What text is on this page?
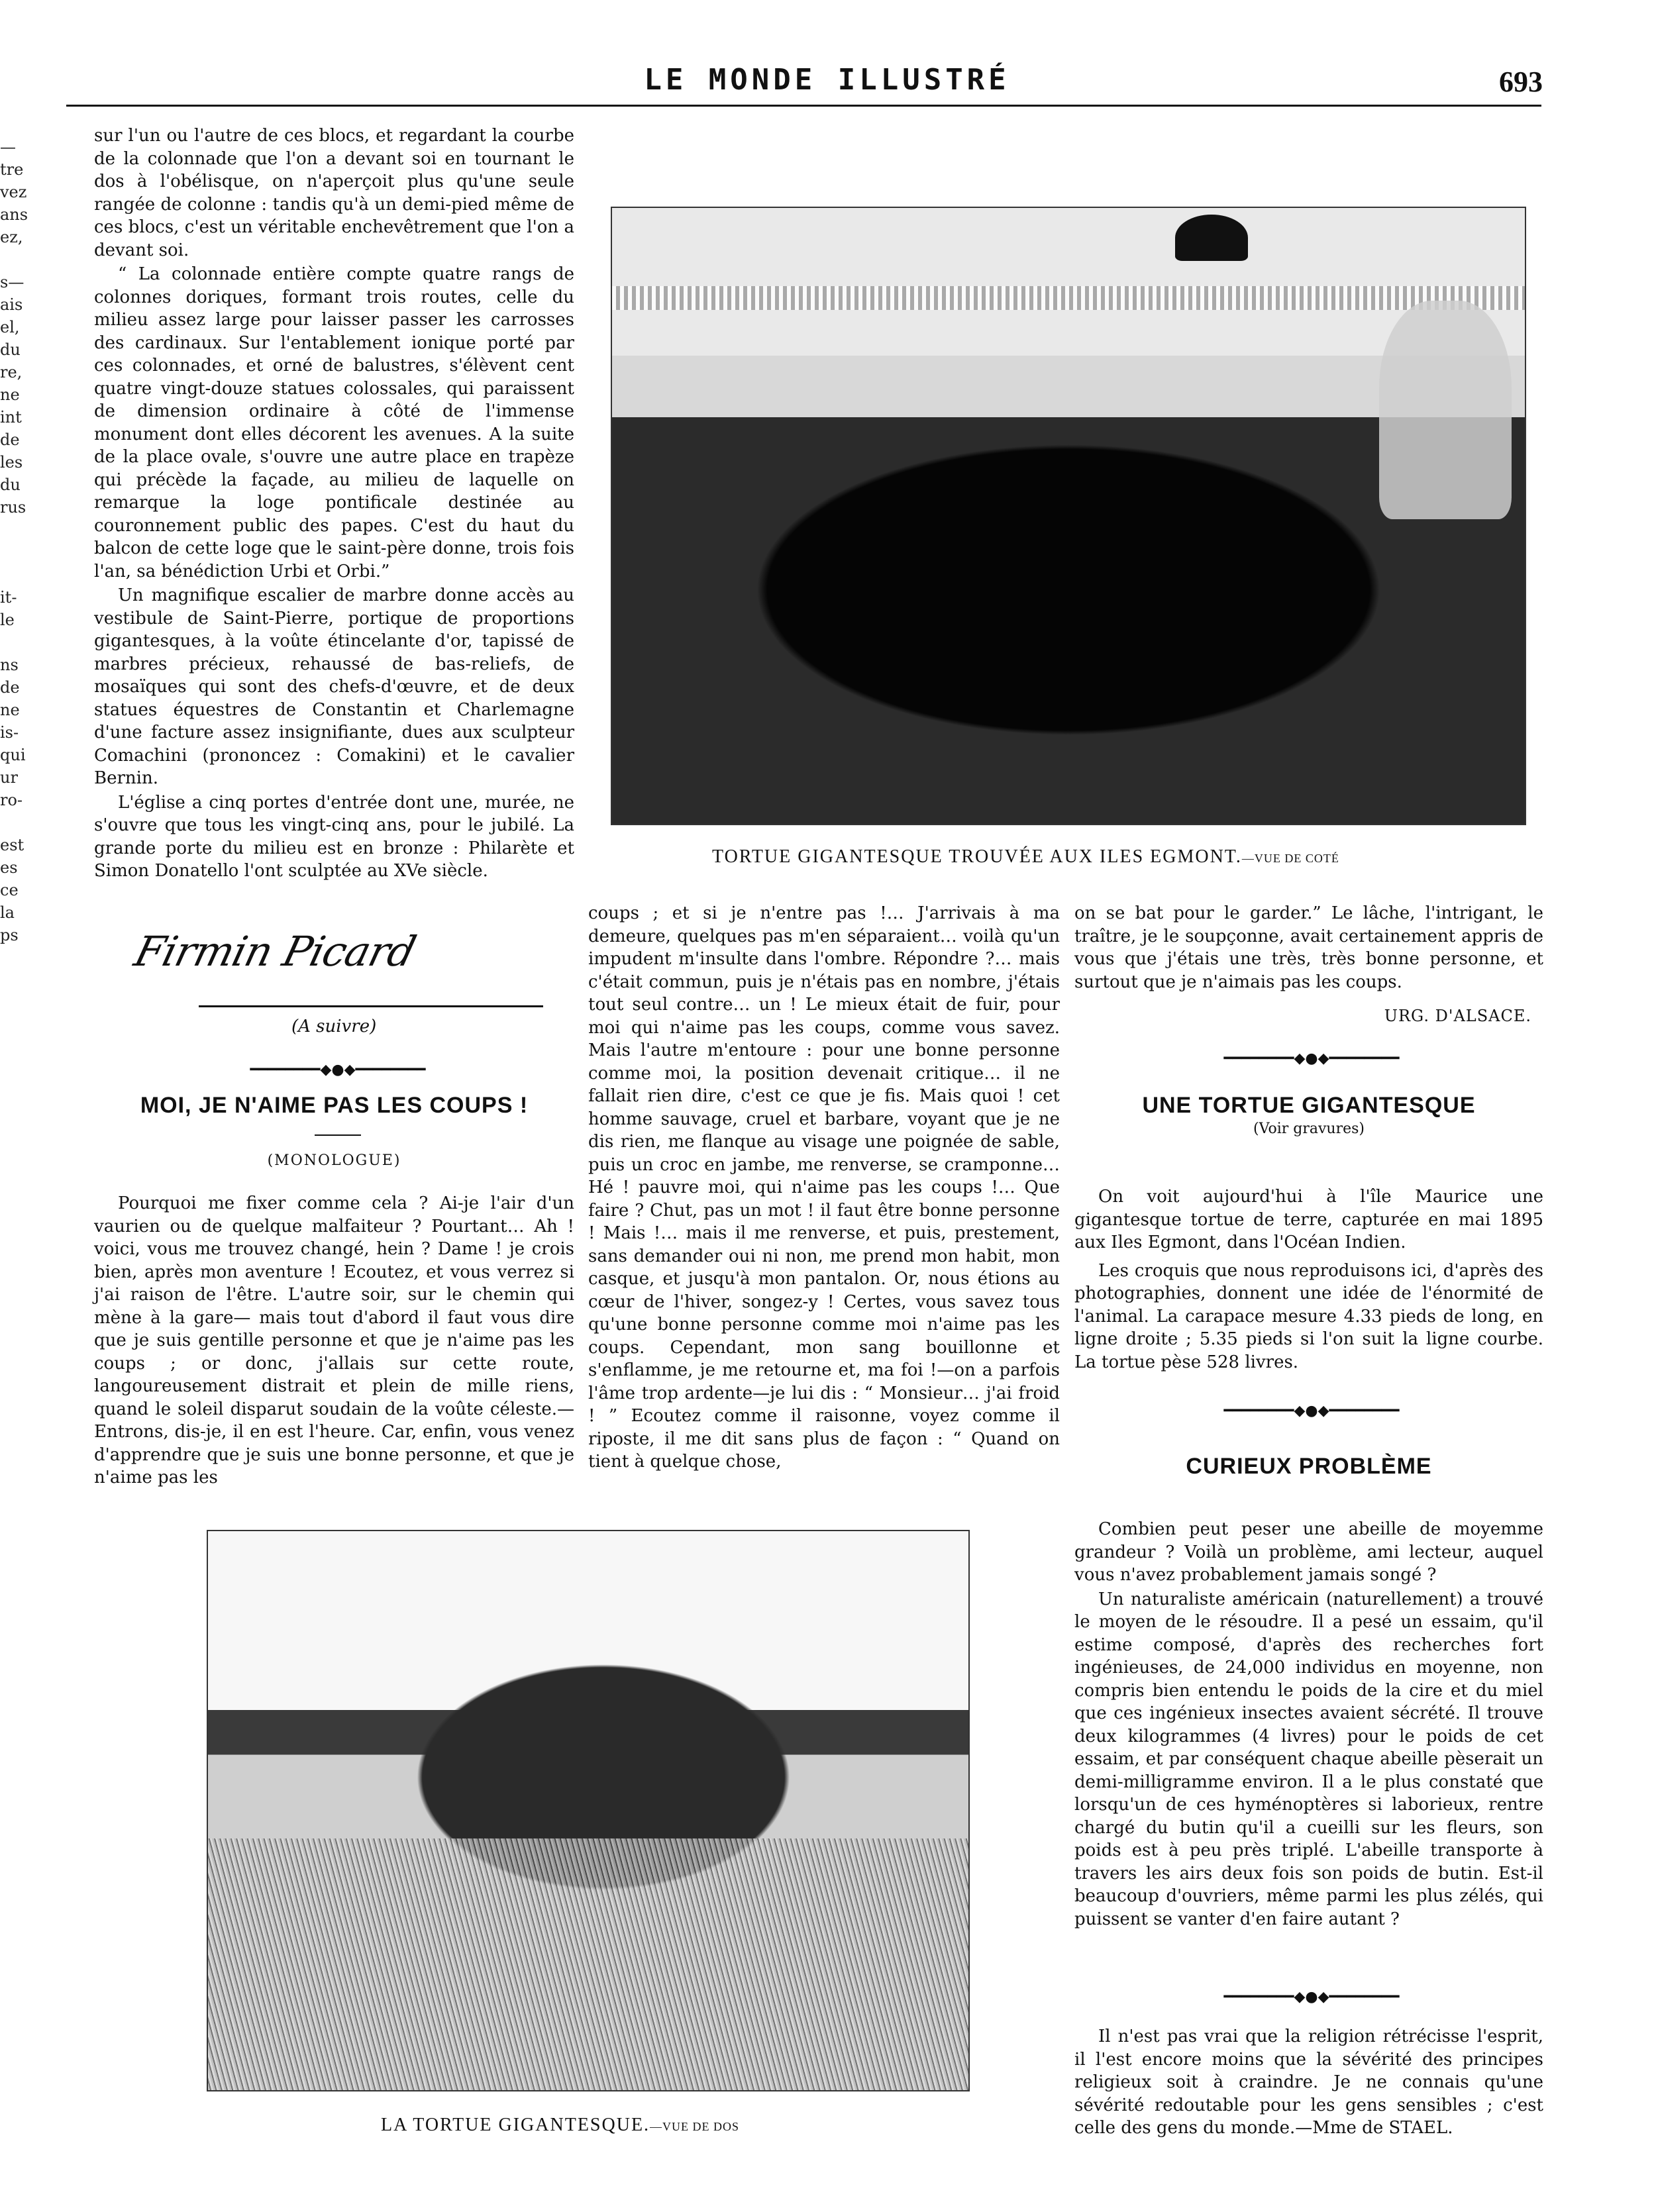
LE MONDE ILLUSTRÉ	693
—
tre
vez
ans
ez,
s—
ais
el,
du
re,
ne
int
de
les
du
rus
it-
le
ns
de
ne
is-
qui
ur
ro-
est
es
ce
la
ps

sur l'un ou l'autre de ces blocs, et regardant la courbe de la colonnade que l'on a devant soi en tournant le dos à l'obélisque, on n'aperçoit plus qu'une seule rangée de colonne : tandis qu'à un demi-pied même de ces blocs, c'est un véritable enchevêtrement que l'on a devant soi.

“ La colonnade entière compte quatre rangs de colonnes doriques, formant trois routes, celle du milieu assez large pour laisser passer les carrosses des cardinaux. Sur l'entablement ionique porté par ces colonnades, et orné de balustres, s'élèvent cent quatre vingt-douze statues colossales, qui paraissent de dimension ordinaire à côté de l'immense monument dont elles décorent les avenues. A la suite de la place ovale, s'ouvre une autre place en trapèze qui précède la façade, au milieu de laquelle on remarque la loge pontificale destinée au couronnement public des papes. C'est du haut du balcon de cette loge que le saint-père donne, trois fois l'an, sa bénédiction Urbi et Orbi.”

Un magnifique escalier de marbre donne accès au vestibule de Saint-Pierre, portique de proportions gigantesques, à la voûte étincelante d'or, tapissé de marbres précieux, rehaussé de bas-reliefs, de mosaïques qui sont des chefs-d'œuvre, et de deux statues équestres de Constantin et Charlemagne d'une facture assez insignifiante, dues aux sculpteur Comachini (prononcez : Comakini) et le cavalier Bernin.

L'église a cinq portes d'entrée dont une, murée, ne s'ouvre que tous les vingt-cinq ans, pour le jubilé. La grande porte du milieu est en bronze : Philarète et Simon Donatello l'ont sculptée au XVe siècle.

Firmin Picard
(A suivre)
━━━━━━━━◆●◆━━━━━━━━
MOI, JE N'AIME PAS LES COUPS !
(MONOLOGUE)

Pourquoi me fixer comme cela ? Ai-je l'air d'un vaurien ou de quelque malfaiteur ? Pourtant… Ah ! voici, vous me trouvez changé, hein ? Dame ! je crois bien, après mon aventure ! Ecoutez, et vous verrez si j'ai raison de l'être. L'autre soir, sur le chemin qui mène à la gare— mais tout d'abord il faut vous dire que je suis gentille personne et que je n'aime pas les coups ; or donc, j'allais sur cette route, langoureusement distrait et plein de mille riens, quand le soleil disparut soudain de la voûte céleste.—Entrons, dis-je, il en est l'heure. Car, enfin, vous venez d'apprendre que je suis une bonne personne, et que je n'aime pas les

coups ; et si je n'entre pas !… J'arrivais à ma demeure, quelques pas m'en séparaient… voilà qu'un impudent m'insulte dans l'ombre. Répondre ?… mais c'était commun, puis je n'étais pas en nombre, j'étais tout seul contre… un ! Le mieux était de fuir, pour moi qui n'aime pas les coups, comme vous savez. Mais l'autre m'entoure : pour une bonne personne comme moi, la position devenait critique… il ne fallait rien dire, c'est ce que je fis. Mais quoi ! cet homme sauvage, cruel et barbare, voyant que je ne dis rien, me flanque au visage une poignée de sable, puis un croc en jambe, me renverse, se cramponne… Hé ! pauvre moi, qui n'aime pas les coups !… Que faire ? Chut, pas un mot ! il faut être bonne personne ! Mais !… mais il me renverse, et puis, prestement, sans demander oui ni non, me prend mon habit, mon casque, et jusqu'à mon pantalon. Or, nous étions au cœur de l'hiver, songez-y ! Certes, vous savez tous qu'une bonne personne comme moi n'aime pas les coups. Cependant, mon sang bouillonne et s'enflamme, je me retourne et, ma foi !—on a parfois l'âme trop ardente—je lui dis : “ Monsieur… j'ai froid ! ” Ecoutez comme il raisonne, voyez comme il riposte, il me dit sans plus de façon : “ Quand on tient à quelque chose,

on se bat pour le garder.” Le lâche, l'intrigant, le traître, je le soupçonne, avait certainement appris de vous que j'étais une très, très bonne personne, et surtout que je n'aimais pas les coups.

URG. D'ALSACE.
TORTUE GIGANTESQUE TROUVÉE AUX ILES EGMONT.—VUE DE COTÉ
━━━━━━━━◆●◆━━━━━━━━
UNE TORTUE GIGANTESQUE
(Voir gravures)

On voit aujourd'hui à l'île Maurice une gigantesque tortue de terre, capturée en mai 1895 aux Iles Egmont, dans l'Océan Indien.

Les croquis que nous reproduisons ici, d'après des photographies, donnent une idée de l'énormité de l'animal. La carapace mesure 4.33 pieds de long, en ligne droite ; 5.35 pieds si l'on suit la ligne courbe. La tortue pèse 528 livres.

━━━━━━━━◆●◆━━━━━━━━
CURIEUX PROBLÈME

Combien peut peser une abeille de moyemme grandeur ? Voilà un problème, ami lecteur, auquel vous n'avez probablement jamais songé ?

Un naturaliste américain (naturellement) a trouvé le moyen de le résoudre. Il a pesé un essaim, qu'il estime composé, d'après des recherches fort ingénieuses, de 24,000 individus en moyenne, non compris bien entendu le poids de la cire et du miel que ces ingénieux insectes avaient sécrété. Il trouve deux kilogrammes (4 livres) pour le poids de cet essaim, et par conséquent chaque abeille pèserait un demi-milligramme environ. Il a le plus constaté que lorsqu'un de ces hyménoptères si laborieux, rentre chargé du butin qu'il a cueilli sur les fleurs, son poids est à peu près triplé. L'abeille transporte à travers les airs deux fois son poids de butin. Est-il beaucoup d'ouvriers, même parmi les plus zélés, qui puissent se vanter d'en faire autant ?

━━━━━━━━◆●◆━━━━━━━━

Il n'est pas vrai que la religion rétrécisse l'esprit, il l'est encore moins que la sévérité des principes religieux soit à craindre. Je ne connais qu'une sévérité redoutable pour les gens sensibles ; c'est celle des gens du monde.—Mme de STAEL.

LA TORTUE GIGANTESQUE.—VUE DE DOS
